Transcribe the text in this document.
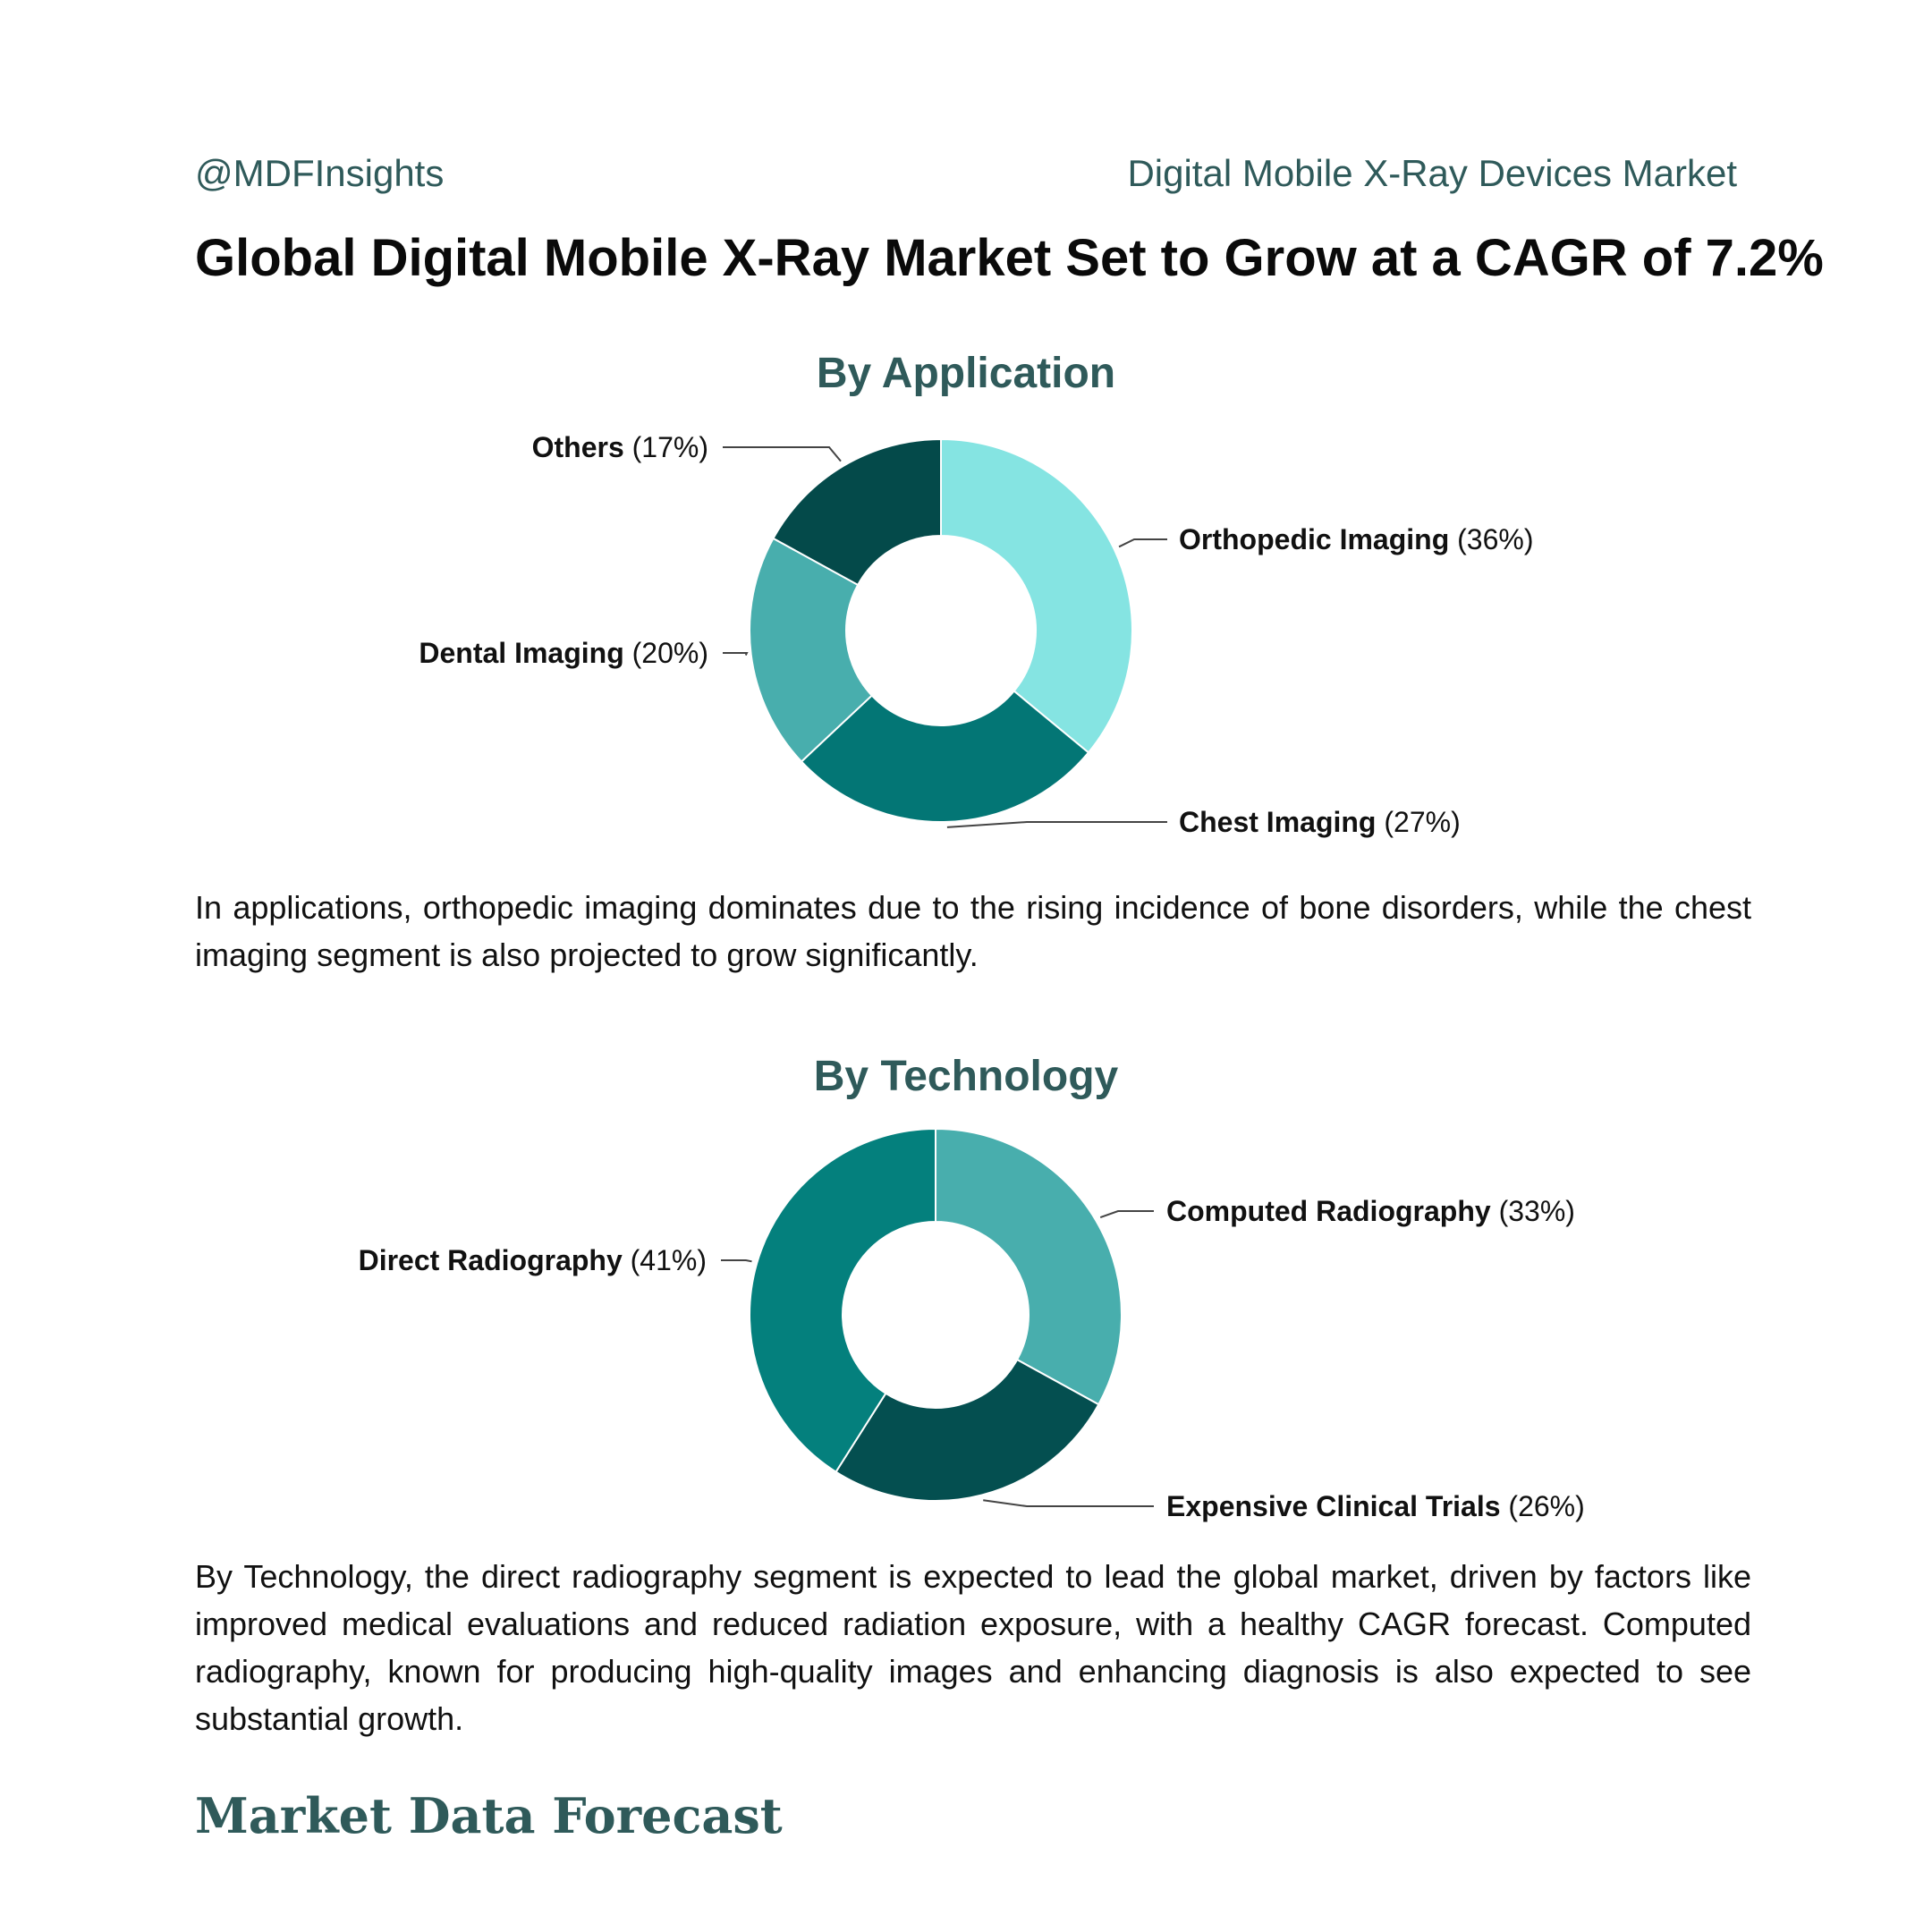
@MDFInsights	Digital Mobile X-Ray Devices Market
Global Digital Mobile X-Ray Market Set to Grow at a CAGR of 7.2%
By Application
Orthopedic Imaging (36%)
Chest Imaging (27%)
Dental Imaging (20%)
Others (17%)
In applications, orthopedic imaging dominates due to the rising incidence of bone disorders, while the chest imaging segment is also projected to grow significantly.
By Technology
Computed Radiography (33%)
Expensive Clinical Trials (26%)
Direct Radiography (41%)
By Technology, the direct radiography segment is expected to lead the global market, driven by factors like improved medical evaluations and reduced radiation exposure, with a healthy CAGR forecast. Computed radiography, known for producing high-quality images and enhancing diagnosis is also expected to see substantial growth.
Market Data Forecast
